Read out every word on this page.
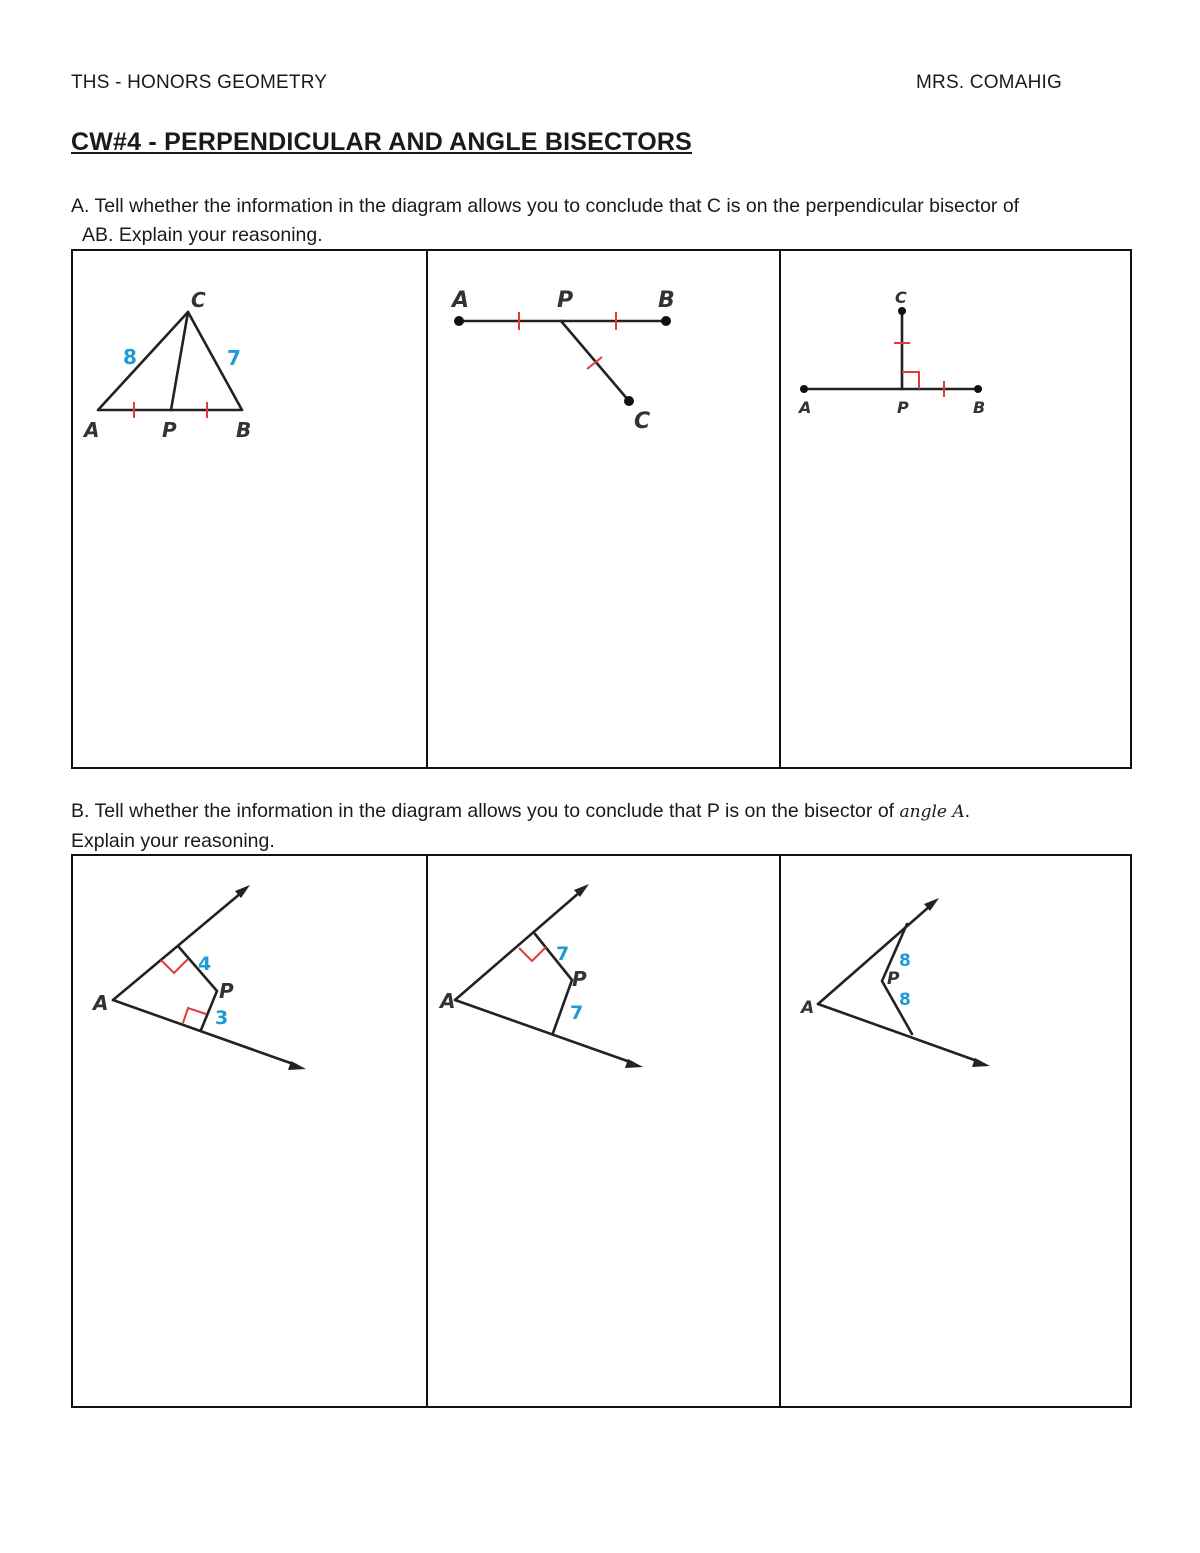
THS - HONORS GEOMETRY	MRS. COMAHIG
CW#4 - PERPENDICULAR AND ANGLE BISECTORS
A. Tell whether the information in the diagram allows you to conclude that C is on the perpendicular bisector of
AB. Explain your reasoning.
C
A	P	B
8	7
A	P	B
C
C
A	P	B
B. Tell whether the information in the diagram allows you to conclude that P is on the bisector of angle A.
Explain your reasoning.
A	P
4
3
A
P
7
7	A
P
8
8
